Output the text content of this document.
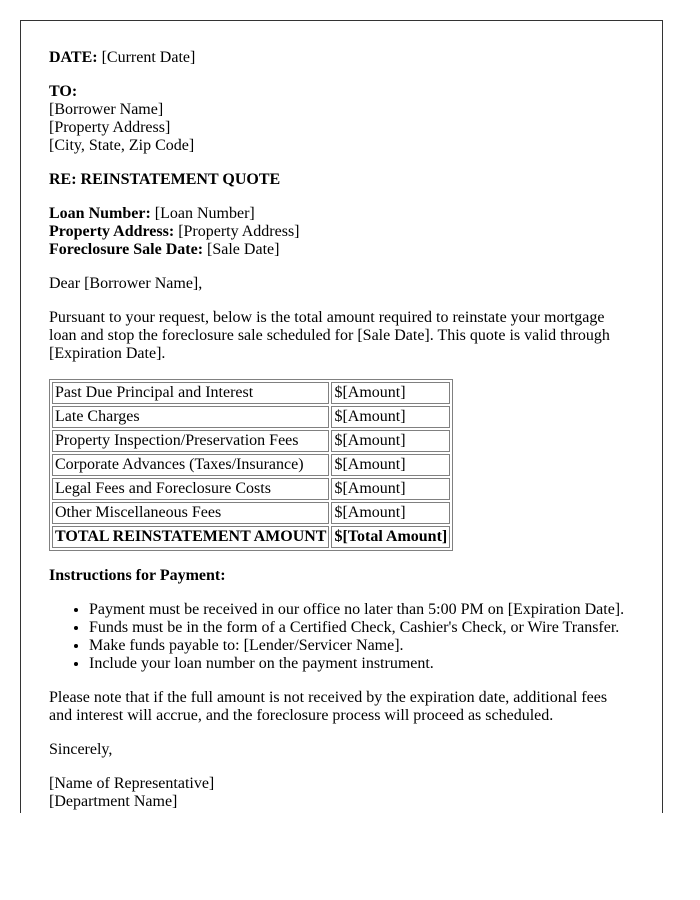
DATE: [Current Date]

TO:
[Borrower Name]
[Property Address]
[City, State, Zip Code]

RE: REINSTATEMENT QUOTE

Loan Number: [Loan Number]
Property Address: [Property Address]
Foreclosure Sale Date: [Sale Date]

Dear [Borrower Name],

Pursuant to your request, below is the total amount required to reinstate your mortgage loan and stop the foreclosure sale scheduled for [Sale Date]. This quote is valid through [Expiration Date].

Past Due Principal and Interest	$[Amount]
Late Charges	$[Amount]
Property Inspection/Preservation Fees	$[Amount]
Corporate Advances (Taxes/Insurance)	$[Amount]
Legal Fees and Foreclosure Costs	$[Amount]
Other Miscellaneous Fees	$[Amount]
TOTAL REINSTATEMENT AMOUNT	$[Total Amount]

Instructions for Payment:

• Payment must be received in our office no later than 5:00 PM on [Expiration Date].
• Funds must be in the form of a Certified Check, Cashier's Check, or Wire Transfer.
• Make funds payable to: [Lender/Servicer Name].
• Include your loan number on the payment instrument.

Please note that if the full amount is not received by the expiration date, additional fees and interest will accrue, and the foreclosure process will proceed as scheduled.

Sincerely,

[Name of Representative]
[Department Name]
